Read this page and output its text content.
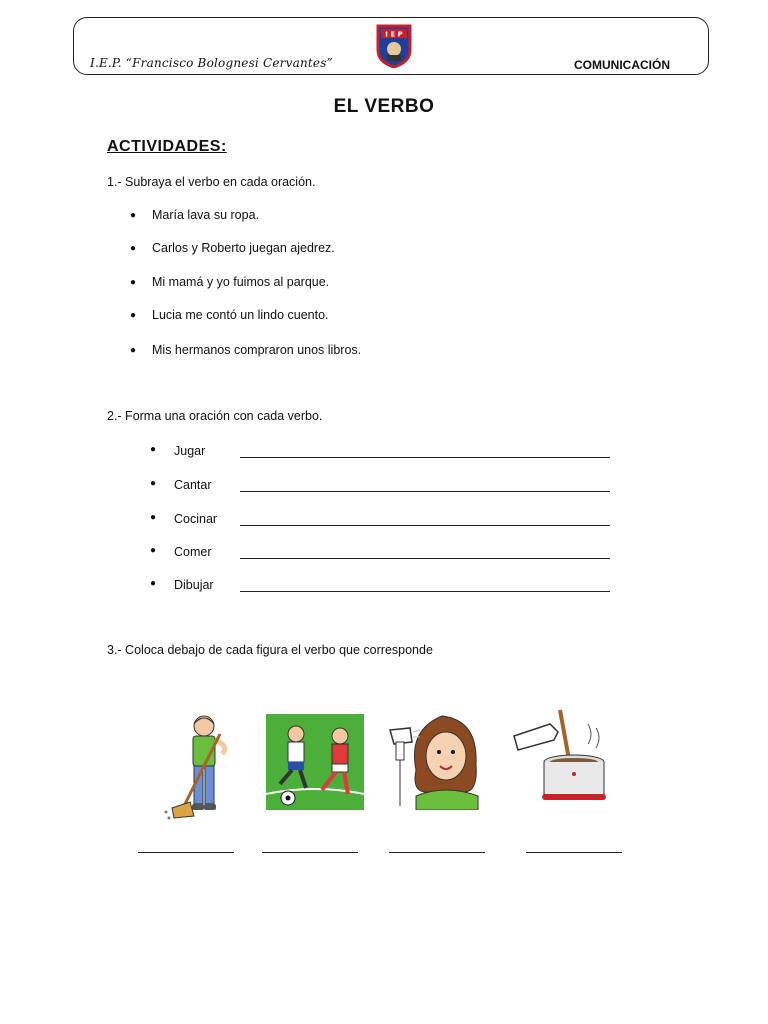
I.E.P. “Francisco Bolognesi Cervantes”
I E P
COMUNICACIÓN
EL VERBO
ACTIVIDADES:
1.- Subraya el verbo en cada oración.
●	María lava su ropa.
●	Carlos y Roberto juegan ajedrez.
●	Mi mamá y yo fuimos al parque.
●	Lucia me contó un lindo cuento.
●	Mis hermanos compraron unos libros.
2.- Forma una oración con cada verbo.
●	Jugar
●	Cantar
●	Cocinar
●	Comer
●	Dibujar
3.- Coloca debajo de cada figura el verbo que corresponde
